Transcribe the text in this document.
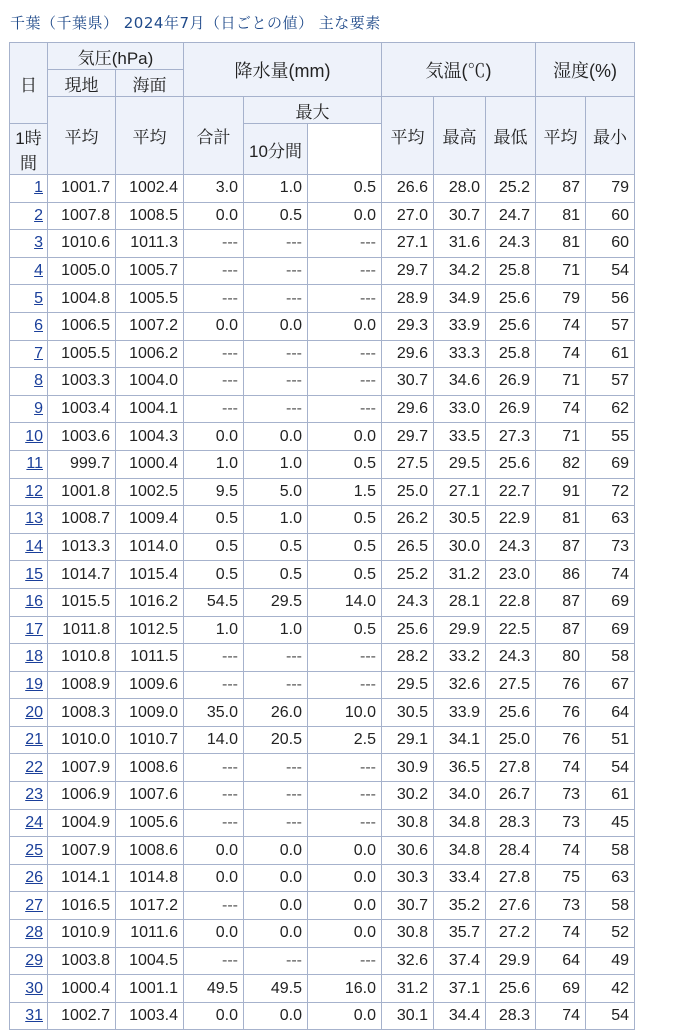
千葉（千葉県） 2024年7月（日ごとの値） 主な要素
日	気圧(hPa)		降水量(mm)			気温(℃)			湿度(%)	
	現地	海面								
	平均	平均	合計	最大		平均	最高	最低	平均	最小
1時間				10分間						
1	1001.7	1002.4	3.0	1.0	0.5	26.6	28.0	25.2	87	79
2	1007.8	1008.5	0.0	0.5	0.0	27.0	30.7	24.7	81	60
3	1010.6	1011.3	---	---	---	27.1	31.6	24.3	81	60
4	1005.0	1005.7	---	---	---	29.7	34.2	25.8	71	54
5	1004.8	1005.5	---	---	---	28.9	34.9	25.6	79	56
6	1006.5	1007.2	0.0	0.0	0.0	29.3	33.9	25.6	74	57
7	1005.5	1006.2	---	---	---	29.6	33.3	25.8	74	61
8	1003.3	1004.0	---	---	---	30.7	34.6	26.9	71	57
9	1003.4	1004.1	---	---	---	29.6	33.0	26.9	74	62
10	1003.6	1004.3	0.0	0.0	0.0	29.7	33.5	27.3	71	55
11	999.7	1000.4	1.0	1.0	0.5	27.5	29.5	25.6	82	69
12	1001.8	1002.5	9.5	5.0	1.5	25.0	27.1	22.7	91	72
13	1008.7	1009.4	0.5	1.0	0.5	26.2	30.5	22.9	81	63
14	1013.3	1014.0	0.5	0.5	0.5	26.5	30.0	24.3	87	73
15	1014.7	1015.4	0.5	0.5	0.5	25.2	31.2	23.0	86	74
16	1015.5	1016.2	54.5	29.5	14.0	24.3	28.1	22.8	87	69
17	1011.8	1012.5	1.0	1.0	0.5	25.6	29.9	22.5	87	69
18	1010.8	1011.5	---	---	---	28.2	33.2	24.3	80	58
19	1008.9	1009.6	---	---	---	29.5	32.6	27.5	76	67
20	1008.3	1009.0	35.0	26.0	10.0	30.5	33.9	25.6	76	64
21	1010.0	1010.7	14.0	20.5	2.5	29.1	34.1	25.0	76	51
22	1007.9	1008.6	---	---	---	30.9	36.5	27.8	74	54
23	1006.9	1007.6	---	---	---	30.2	34.0	26.7	73	61
24	1004.9	1005.6	---	---	---	30.8	34.8	28.3	73	45
25	1007.9	1008.6	0.0	0.0	0.0	30.6	34.8	28.4	74	58
26	1014.1	1014.8	0.0	0.0	0.0	30.3	33.4	27.8	75	63
27	1016.5	1017.2	---	0.0	0.0	30.7	35.2	27.6	73	58
28	1010.9	1011.6	0.0	0.0	0.0	30.8	35.7	27.2	74	52
29	1003.8	1004.5	---	---	---	32.6	37.4	29.9	64	49
30	1000.4	1001.1	49.5	49.5	16.0	31.2	37.1	25.6	69	42
31	1002.7	1003.4	0.0	0.0	0.0	30.1	34.4	28.3	74	54
